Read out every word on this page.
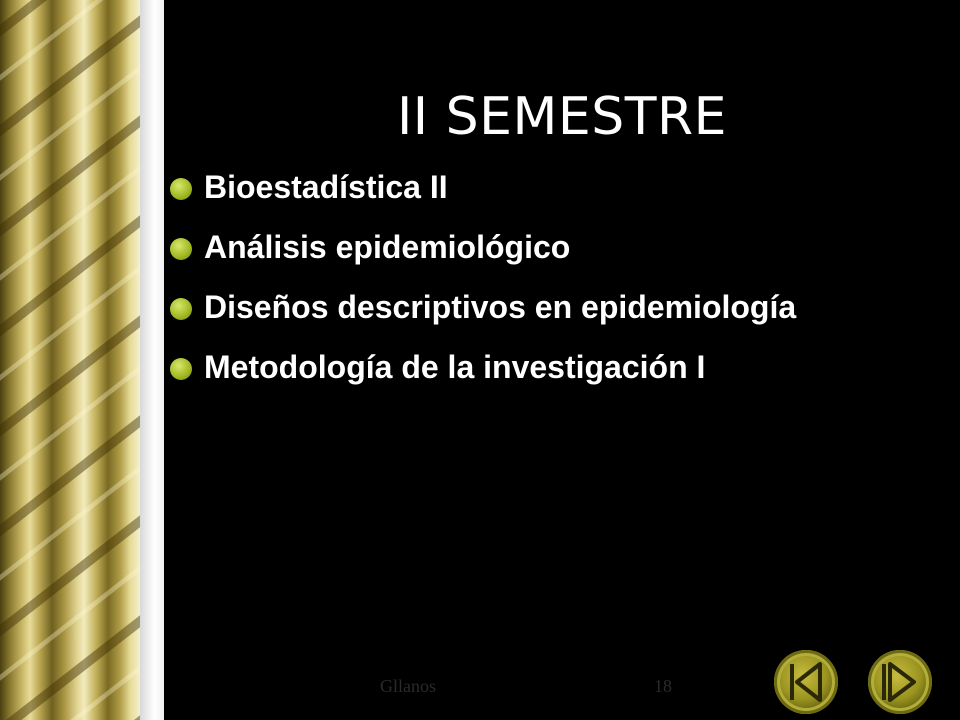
II SEMESTRE
Bioestadística II
Análisis epidemiológico
Diseños descriptivos en epidemiología
Metodología de la investigación I
Gllanos	18
